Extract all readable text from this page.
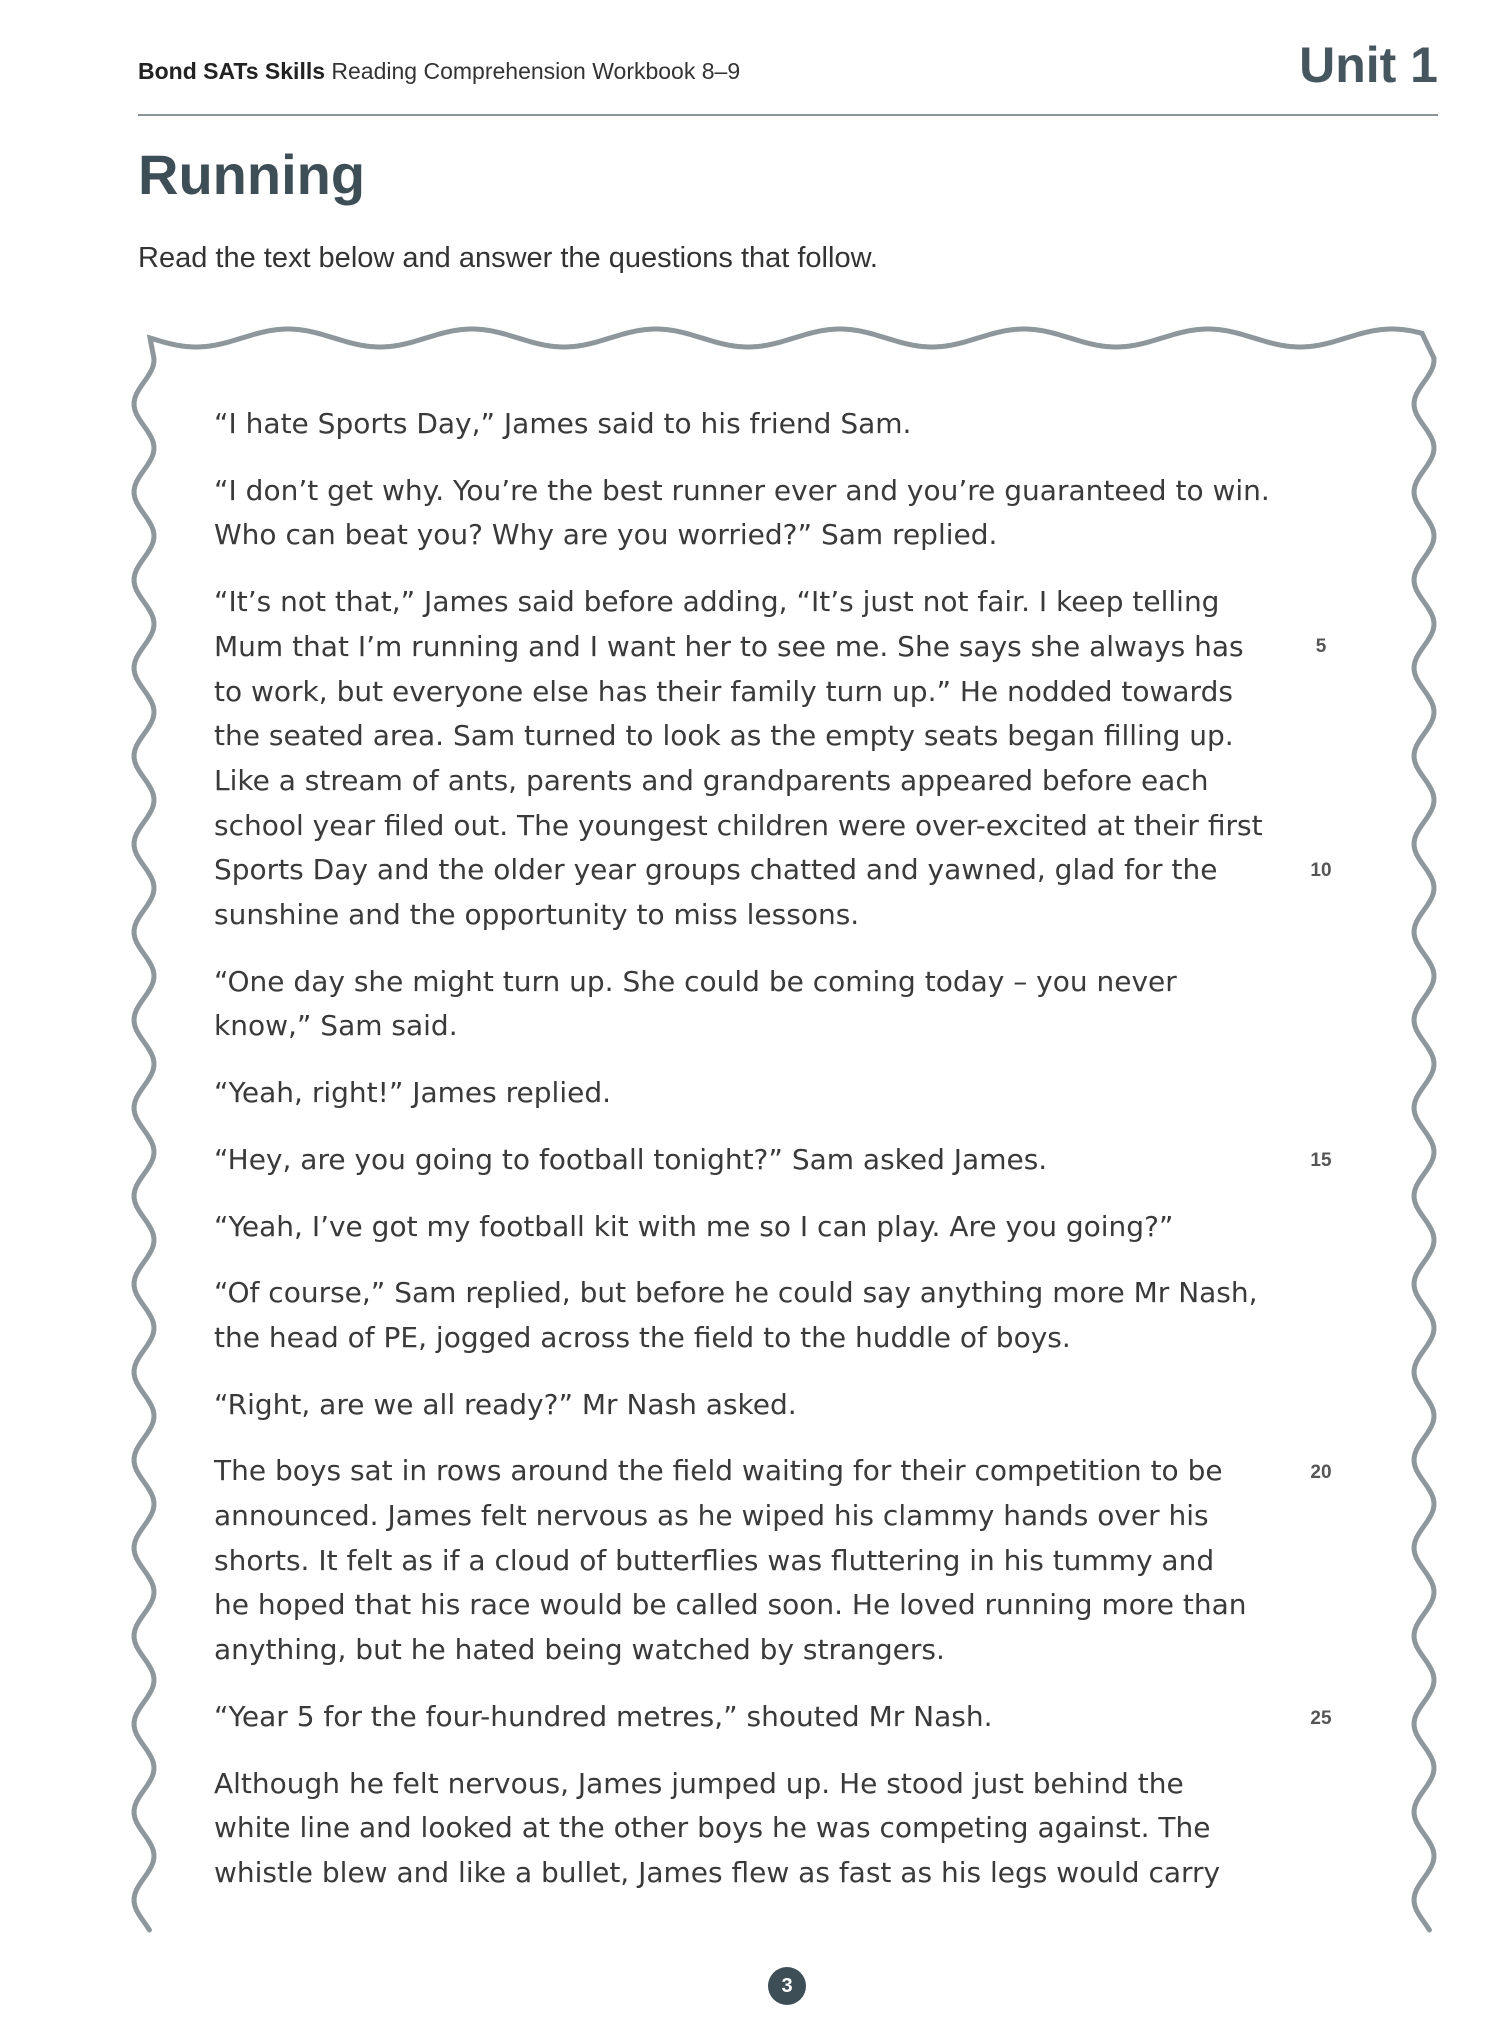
Bond SATs Skills Reading Comprehension Workbook 8–9	Unit 1
Running

Read the text below and answer the questions that follow.

“I hate Sports Day,” James said to his friend Sam.

“I don’t get why. You’re the best runner ever and you’re guaranteed to win.
Who can beat you? Why are you worried?” Sam replied.

“It’s not that,” James said before adding, “It’s just not fair. I keep telling
Mum that I’m running and I want her to see me. She says she always has
to work, but everyone else has their family turn up.” He nodded towards
the seated area. Sam turned to look as the empty seats began filling up.
Like a stream of ants, parents and grandparents appeared before each
school year filed out. The youngest children were over-excited at their first
Sports Day and the older year groups chatted and yawned, glad for the
sunshine and the opportunity to miss lessons.

“One day she might turn up. She could be coming today – you never
know,” Sam said.

“Yeah, right!” James replied.

“Hey, are you going to football tonight?” Sam asked James.

“Yeah, I’ve got my football kit with me so I can play. Are you going?”

“Of course,” Sam replied, but before he could say anything more Mr Nash,
the head of PE, jogged across the field to the huddle of boys.

“Right, are we all ready?” Mr Nash asked.

The boys sat in rows around the field waiting for their competition to be
announced. James felt nervous as he wiped his clammy hands over his
shorts. It felt as if a cloud of butterflies was fluttering in his tummy and
he hoped that his race would be called soon. He loved running more than
anything, but he hated being watched by strangers.

“Year 5 for the four-hundred metres,” shouted Mr Nash.

Although he felt nervous, James jumped up. He stood just behind the
white line and looked at the other boys he was competing against. The
whistle blew and like a bullet, James flew as fast as his legs would carry

5
10
15
20
25
3
